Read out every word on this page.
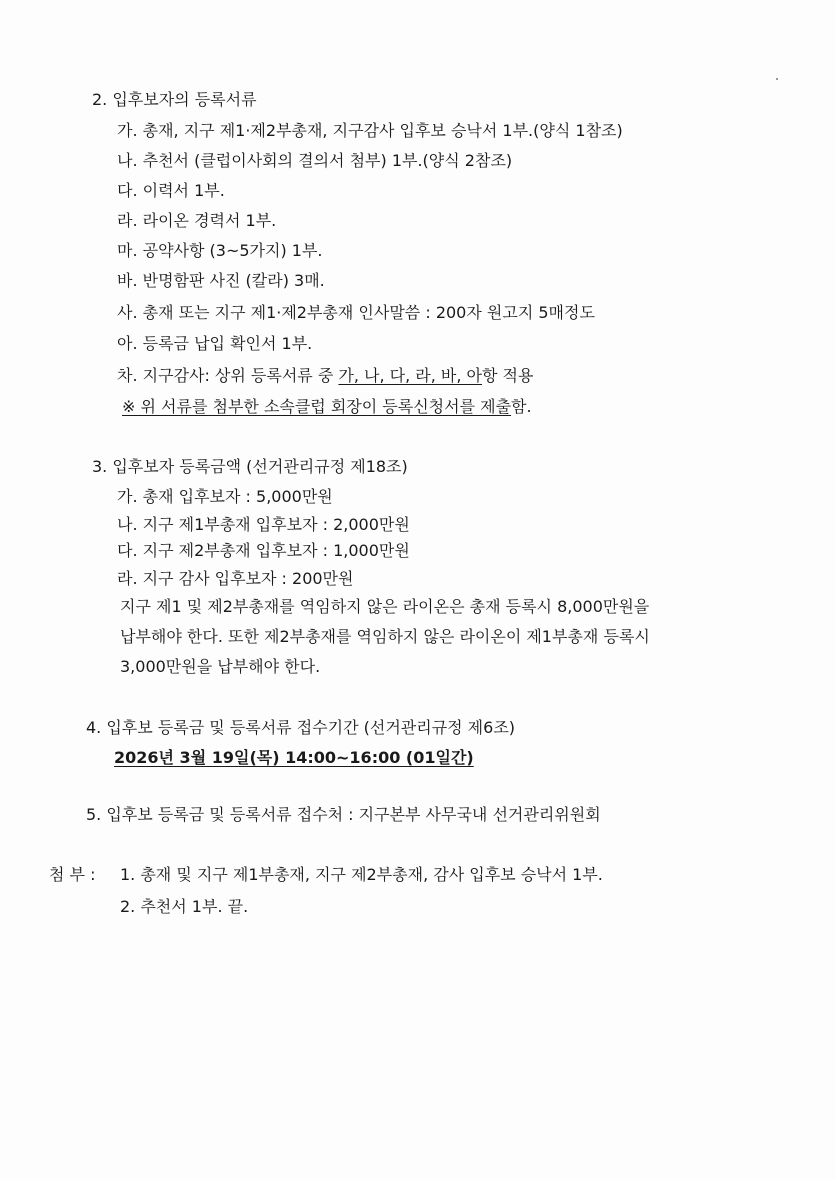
2. 입후보자의 등록서류
가. 총재, 지구 제1·제2부총재, 지구감사 입후보 승낙서 1부.(양식 1참조)
나. 추천서 (클럽이사회의 결의서 첨부) 1부.(양식 2참조)
다. 이력서 1부.
라. 라이온 경력서 1부.
마. 공약사항 (3~5가지) 1부.
바. 반명함판 사진 (칼라) 3매.
사. 총재 또는 지구 제1·제2부총재 인사말씀 : 200자 원고지 5매정도
아. 등록금 납입 확인서 1부.
차. 지구감사: 상위 등록서류 중 가, 나, 다, 라, 바, 아항 적용
※ 위 서류를 첨부한 소속클럽 회장이 등록신청서를 제출함.
3. 입후보자 등록금액 (선거관리규정 제18조)
가. 총재 입후보자 : 5,000만원
나. 지구 제1부총재 입후보자 : 2,000만원
다. 지구 제2부총재 입후보자 : 1,000만원
라. 지구 감사 입후보자 : 200만원
지구 제1 및 제2부총재를 역임하지 않은 라이온은 총재 등록시 8,000만원을
납부해야 한다. 또한 제2부총재를 역임하지 않은 라이온이 제1부총재 등록시
3,000만원을 납부해야 한다.
4. 입후보 등록금 및 등록서류 접수기간 (선거관리규정 제6조)
2026년 3월 19일(목) 14:00~16:00 (01일간)
5. 입후보 등록금 및 등록서류 접수처 : 지구본부 사무국내 선거관리위원회
첨 부 : 1. 총재 및 지구 제1부총재, 지구 제2부총재, 감사 입후보 승낙서 1부.
2. 추천서 1부. 끝.
